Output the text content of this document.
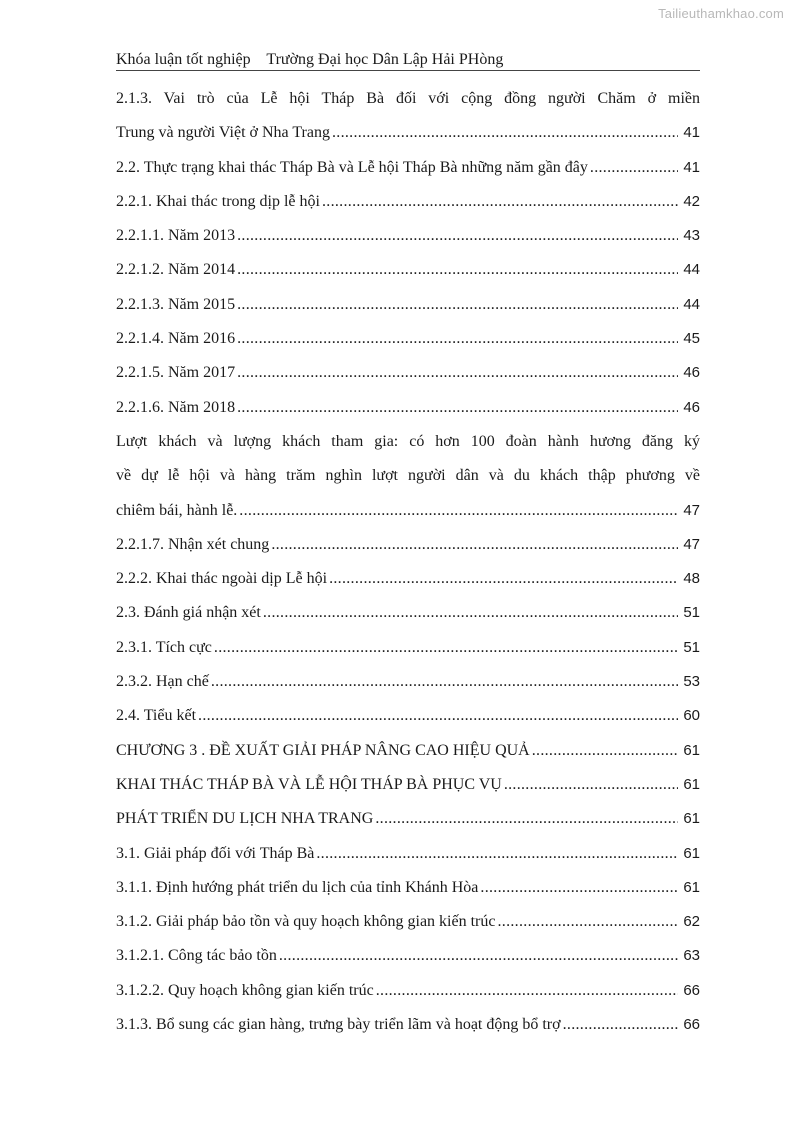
Tailieuthamkhao.com
Khóa luận tốt nghiệp Trường Đại học Dân Lập Hải PHòng
2.1.3. Vai trò của Lễ hội Tháp Bà đối với cộng đồng người Chăm ở miền
Trung và người Việt ở Nha Trang .....	41
2.2. Thực trạng khai thác Tháp Bà và Lễ hội Tháp Bà những năm gần đây .....	41
2.2.1. Khai thác trong dịp lễ hội .....	42
2.2.1.1. Năm 2013 .....	43
2.2.1.2. Năm 2014 .....	44
2.2.1.3. Năm 2015 .....	44
2.2.1.4. Năm 2016 .....	45
2.2.1.5. Năm 2017 .....	46
2.2.1.6. Năm 2018 .....	46
Lượt khách và lượng khách tham gia: có hơn 100 đoàn hành hương đăng ký
về dự lễ hội và hàng trăm nghìn lượt người dân và du khách thập phương về
chiêm bái, hành lễ. .....	47
2.2.1.7. Nhận xét chung .....	47
2.2.2. Khai thác ngoài dịp Lễ hội .....	48
2.3. Đánh giá nhận xét .....	51
2.3.1. Tích cực .....	51
2.3.2. Hạn chế .....	53
2.4. Tiểu kết .....	60
CHƯƠNG 3 . ĐỀ XUẤT GIẢI PHÁP NÂNG CAO HIỆU QUẢ .....	61
KHAI THÁC THÁP BÀ VÀ LỄ HỘI THÁP BÀ PHỤC VỤ .....	61
PHÁT TRIỂN DU LỊCH NHA TRANG .....	61
3.1. Giải pháp đối với Tháp Bà .....	61
3.1.1. Định hướng phát triển du lịch của tỉnh Khánh Hòa .....	61
3.1.2. Giải pháp bảo tồn và quy hoạch không gian kiến trúc .....	62
3.1.2.1. Công tác bảo tồn .....	63
3.1.2.2. Quy hoạch không gian kiến trúc .....	66
3.1.3. Bổ sung các gian hàng, trưng bày triển lãm và hoạt động bổ trợ .....	66
